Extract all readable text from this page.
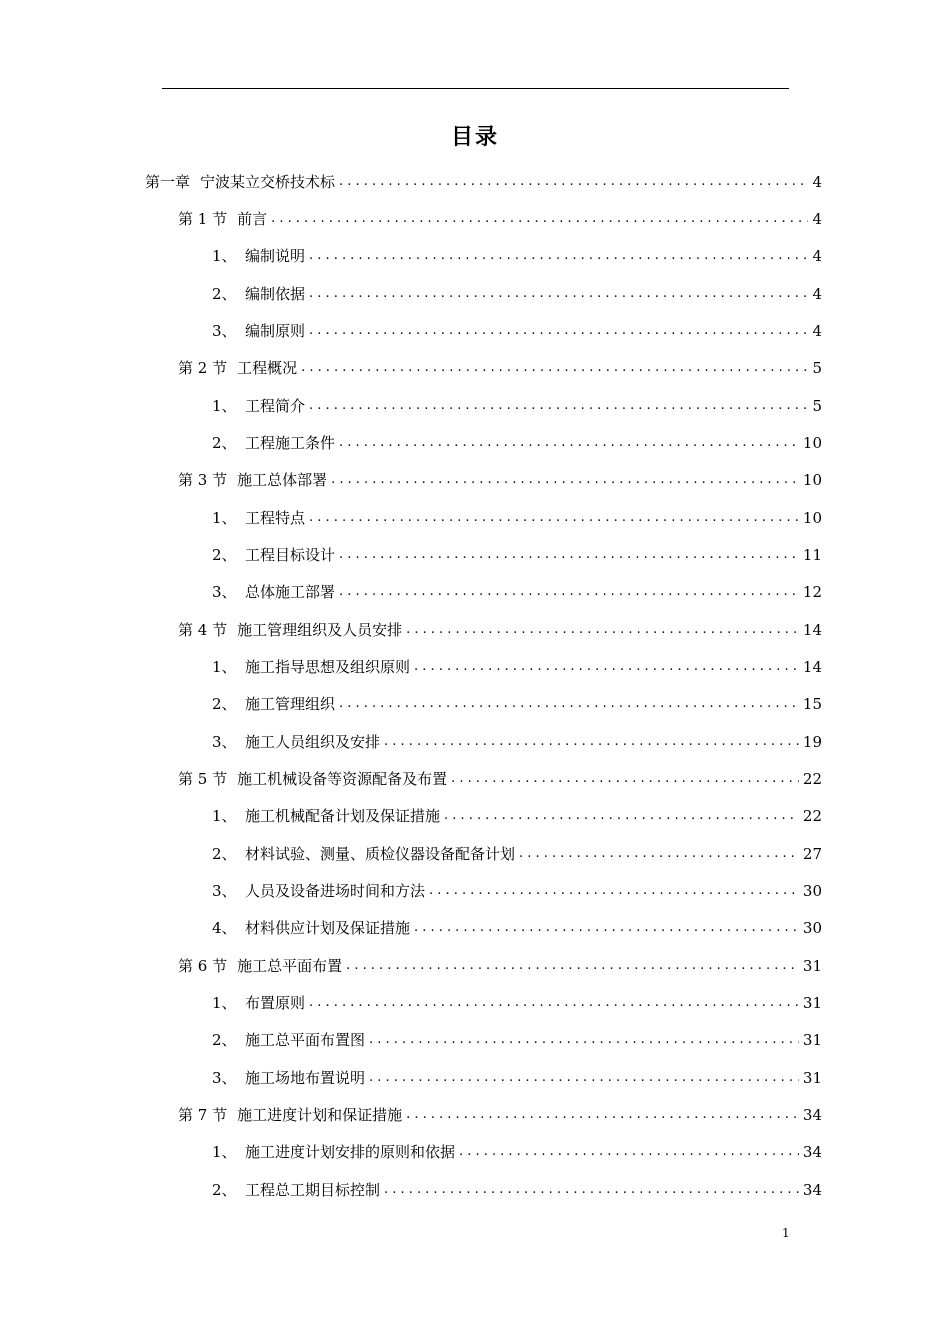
目录
第一章 宁波某立交桥技术标 .....	4
第 1 节 前言 .....	4
1、 编制说明 .....	4
2、 编制依据 .....	4
3、 编制原则 .....	4
第 2 节 工程概况 .....	5
1、 工程简介 .....	5
2、 工程施工条件 .....	10
第 3 节 施工总体部署 .....	10
1、 工程特点 .....	10
2、 工程目标设计 .....	11
3、 总体施工部署 .....	12
第 4 节 施工管理组织及人员安排 .....	14
1、 施工指导思想及组织原则 .....	14
2、 施工管理组织 .....	15
3、 施工人员组织及安排 .....	19
第 5 节 施工机械设备等资源配备及布置 .....	22
1、 施工机械配备计划及保证措施 .....	22
2、 材料试验、测量、质检仪器设备配备计划 .....	27
3、 人员及设备进场时间和方法 .....	30
4、 材料供应计划及保证措施 .....	30
第 6 节 施工总平面布置 .....	31
1、 布置原则 .....	31
2、 施工总平面布置图 .....	31
3、 施工场地布置说明 .....	31
第 7 节 施工进度计划和保证措施 .....	34
1、 施工进度计划安排的原则和依据 .....	34
2、 工程总工期目标控制 .....	34
1
